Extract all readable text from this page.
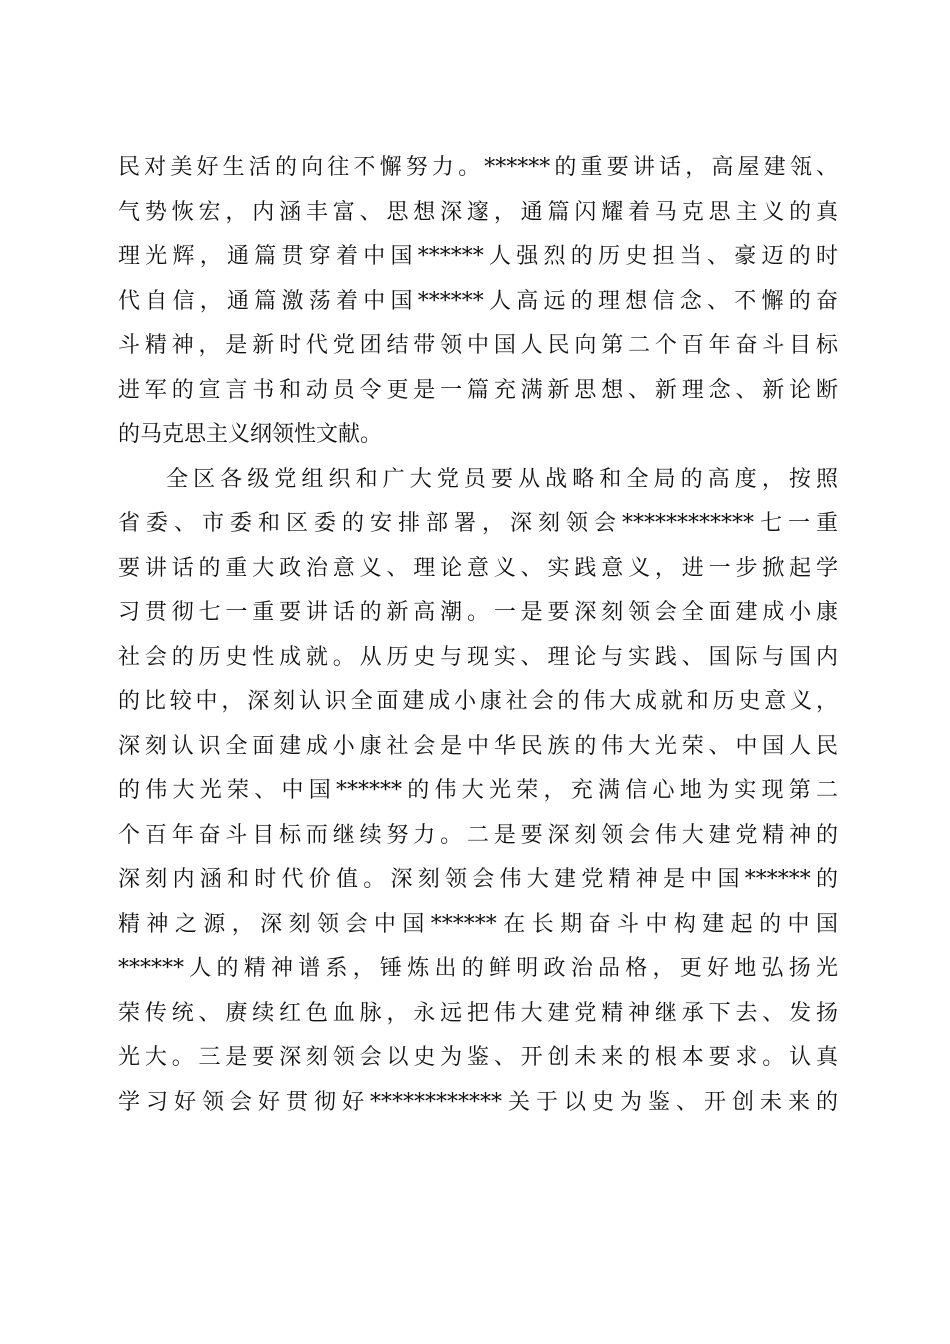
民对美好生活的向往不懈努力。******的重要讲话，高屋建瓴、
气势恢宏，内涵丰富、思想深邃，通篇闪耀着马克思主义的真
理光辉，通篇贯穿着中国******人强烈的历史担当、豪迈的时
代自信，通篇激荡着中国******人高远的理想信念、不懈的奋
斗精神，是新时代党团结带领中国人民向第二个百年奋斗目标
进军的宣言书和动员令更是一篇充满新思想、新理念、新论断
的马克思主义纲领性文献。
全区各级党组织和广大党员要从战略和全局的高度，按照
省委、市委和区委的安排部署，深刻领会************七一重
要讲话的重大政治意义、理论意义、实践意义，进一步掀起学
习贯彻七一重要讲话的新高潮。一是要深刻领会全面建成小康
社会的历史性成就。从历史与现实、理论与实践、国际与国内
的比较中，深刻认识全面建成小康社会的伟大成就和历史意义，
深刻认识全面建成小康社会是中华民族的伟大光荣、中国人民
的伟大光荣、中国******的伟大光荣，充满信心地为实现第二
个百年奋斗目标而继续努力。二是要深刻领会伟大建党精神的
深刻内涵和时代价值。深刻领会伟大建党精神是中国******的
精神之源，深刻领会中国******在长期奋斗中构建起的中国
******人的精神谱系，锤炼出的鲜明政治品格，更好地弘扬光
荣传统、赓续红色血脉，永远把伟大建党精神继承下去、发扬
光大。三是要深刻领会以史为鉴、开创未来的根本要求。认真
学习好领会好贯彻好************关于以史为鉴、开创未来的
